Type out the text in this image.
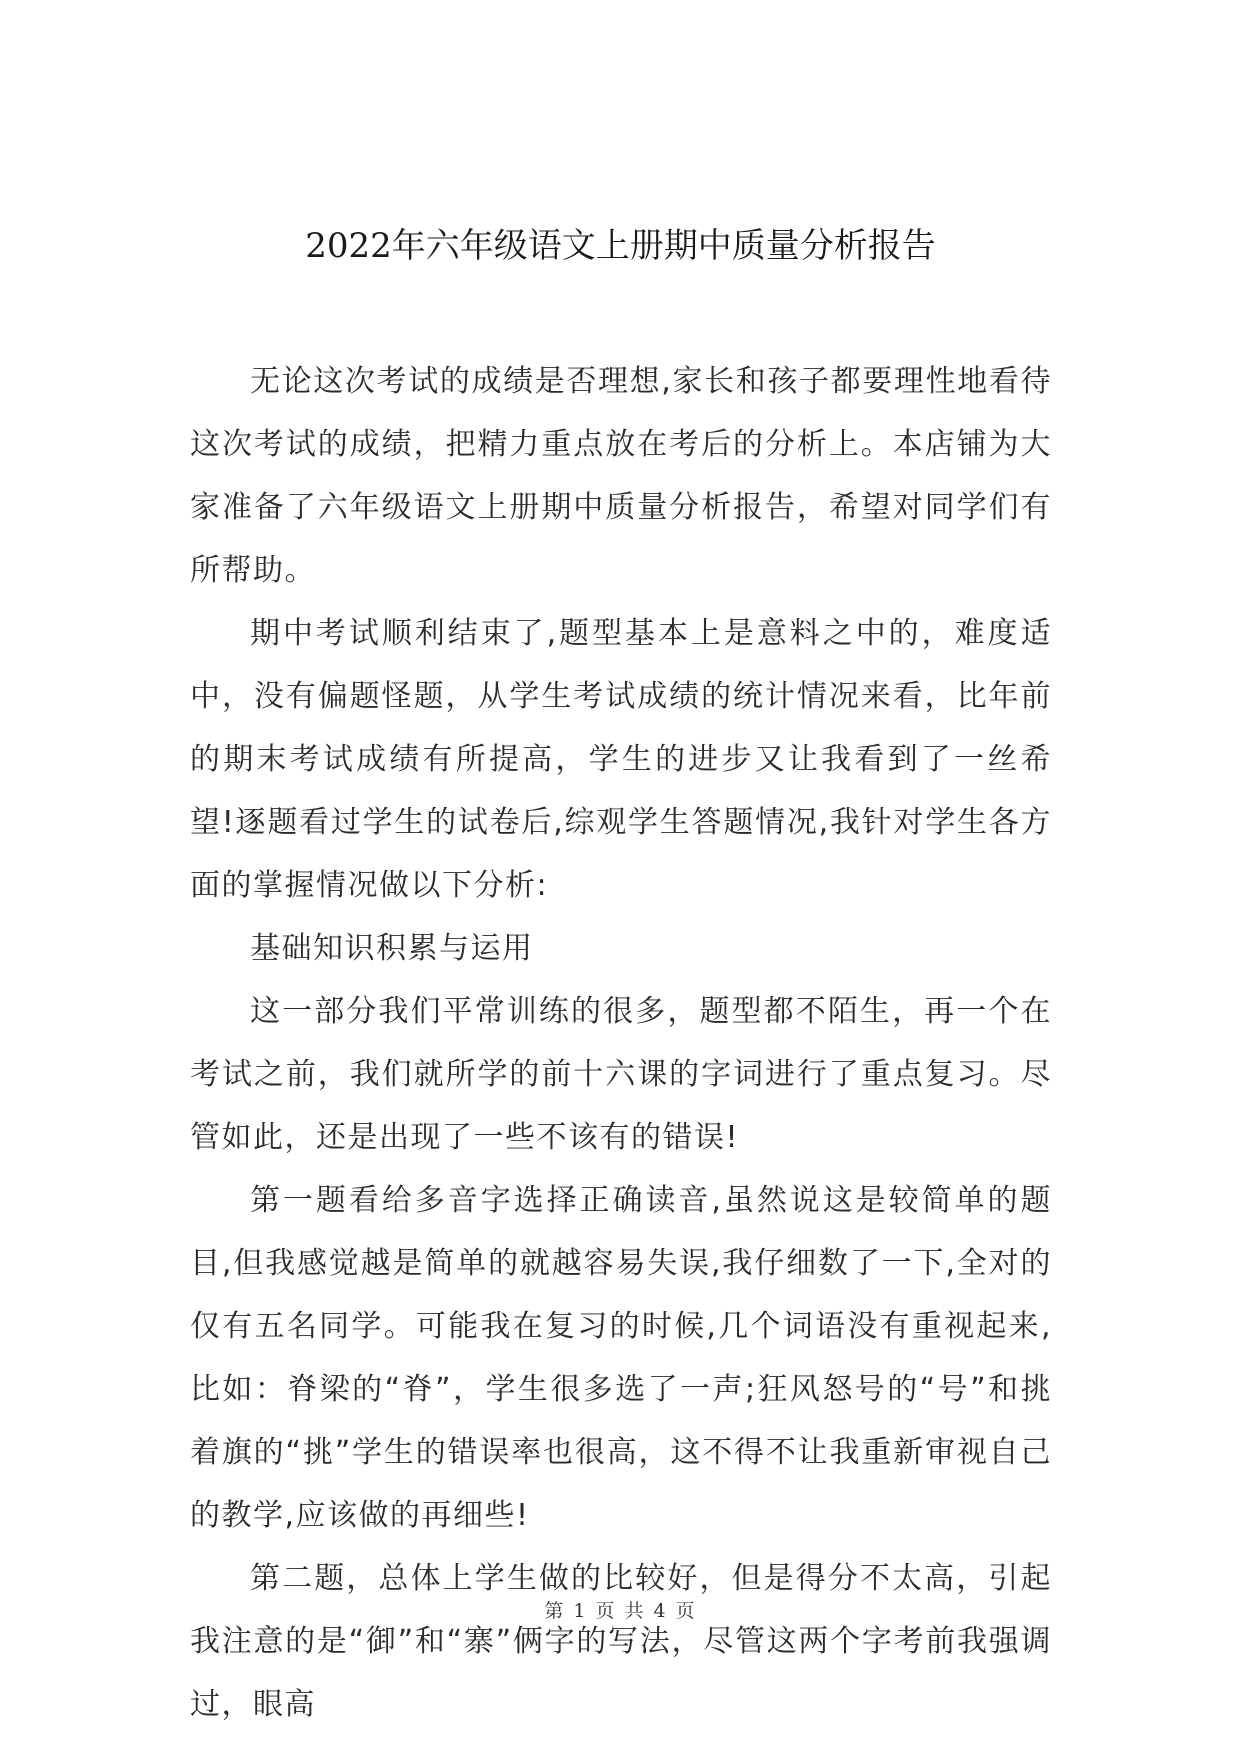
2022年六年级语文上册期中质量分析报告

无论这次考试的成绩是否理想,家长和孩子都要理性地看待这次考试的成绩，把精力重点放在考后的分析上。本店铺为大家准备了六年级语文上册期中质量分析报告，希望对同学们有所帮助。

期中考试顺利结束了,题型基本上是意料之中的，难度适中，没有偏题怪题，从学生考试成绩的统计情况来看，比年前的期末考试成绩有所提高，学生的进步又让我看到了一丝希望!逐题看过学生的试卷后,综观学生答题情况,我针对学生各方面的掌握情况做以下分析:

基础知识积累与运用

这一部分我们平常训练的很多，题型都不陌生，再一个在考试之前，我们就所学的前十六课的字词进行了重点复习。尽管如此，还是出现了一些不该有的错误!

第一题看给多音字选择正确读音,虽然说这是较简单的题目,但我感觉越是简单的就越容易失误,我仔细数了一下,全对的仅有五名同学。可能我在复习的时候,几个词语没有重视起来,比如：脊梁的“脊”，学生很多选了一声;狂风怒号的“号”和挑着旗的“挑”学生的错误率也很高，这不得不让我重新审视自己的教学,应该做的再细些!

第二题，总体上学生做的比较好，但是得分不太高，引起我注意的是“御”和“寨”俩字的写法，尽管这两个字考前我强调过，眼高

第 1 页 共 4 页
